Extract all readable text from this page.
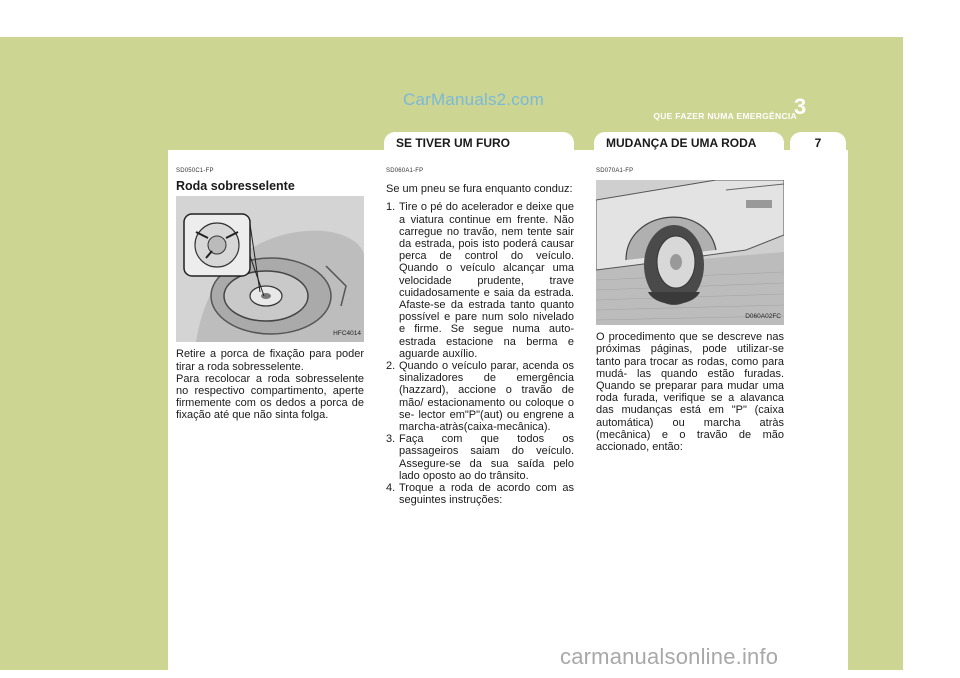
CarManuals2.com
QUE FAZER NUMA EMERGÊNCIA
3
SE TIVER UM FURO	MUDANÇA DE UMA RODA	7
SD050C1-FP
Roda sobresselente
HFC4014

Retire a porca de fixação para poder tirar a roda sobresselente.

Para recolocar a roda sobresselente no respectivo compartimento, aperte firmemente com os dedos a porca de fixação até que não sinta folga.

SD060A1-FP
Se um pneu se fura enquanto conduz:
1. Tire o pé do acelerador e deixe que a viatura continue em frente. Não carregue no travão, nem tente sair da estrada, pois isto poderá causar perca de control do veículo. Quando o veículo alcançar uma velocidade prudente, trave cuidadosamente e saia da estrada. Afaste-se da estrada tanto quanto possível e pare num solo nivelado e firme. Se segue numa auto-estrada estacione na berma e aguarde auxílio.
2. Quando o veículo parar, acenda os sinalizadores de emergência (hazzard), accione o travão de mão/ estacionamento ou coloque o se- lector em"P"(aut) ou engrene a marcha-atràs(caixa-mecânica).
3. Faça com que todos os passageiros saiam do veículo. Assegure-se da sua saída pelo lado oposto ao do trânsito.
4. Troque a roda de acordo com as seguintes instruções:
SD070A1-FP
D060A02FC

O procedimento que se descreve nas próximas páginas, pode utilizar-se tanto para trocar as rodas, como para mudá- las quando estão furadas. Quando se preparar para mudar uma roda furada, verifique se a alavanca das mudanças está em "P" (caixa automática) ou marcha atràs (mecânica) e o travão de mão accionado, então:

carmanualsonline.info
